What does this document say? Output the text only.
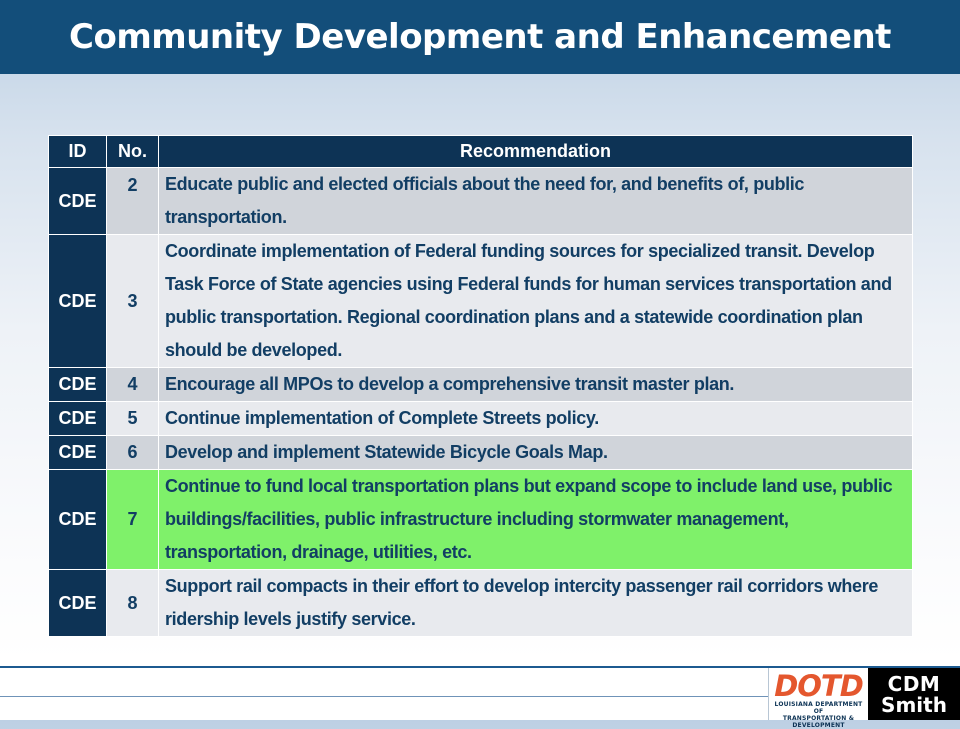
Community Development and Enhancement
ID	No.	Recommendation
CDE	2	Educate public and elected officials about the need for, and benefits of, public transportation.
CDE	3	Coordinate implementation of Federal funding sources for specialized transit. Develop Task Force of State agencies using Federal funds for human services transportation and public transportation. Regional coordination plans and a statewide coordination plan should be developed.
CDE	4	Encourage all MPOs to develop a comprehensive transit master plan.
CDE	5	Continue implementation of Complete Streets policy.
CDE	6	Develop and implement Statewide Bicycle Goals Map.
CDE	7	Continue to fund local transportation plans but expand scope to include land use, public buildings/facilities, public infrastructure including stormwater management, transportation, drainage, utilities, etc.
CDE	8	Support rail compacts in their effort to develop intercity passenger rail corridors where ridership levels justify service.
DOTD
LOUISIANA DEPARTMENT OF
TRANSPORTATION & DEVELOPMENT
CDM
Smith
